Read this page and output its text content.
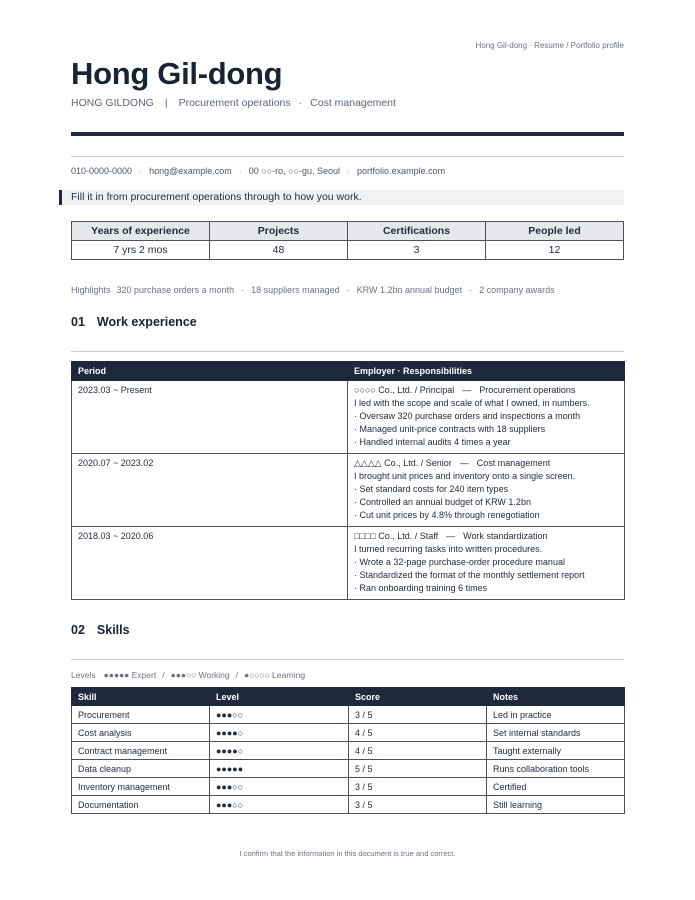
Hong Gil-dong · Resume / Portfolio profile
Hong Gil-dong
HONG GILDONG | Procurement operations · Cost management
010-0000-0000 · hong@example.com · 00 ○○-ro, ○○-gu, Seoul · portfolio.example.com
Fill it in from procurement operations through to how you work.
Years of experience	Projects	Certifications	People led
7 yrs 2 mos	48	3	12
Highlights 320 purchase orders a month · 18 suppliers managed · KRW 1.2bn annual budget · 2 company awards
01 Work experience
Period	Employer · Responsibilities
2023.03 ~ Present	○○○○ Co., Ltd. / Principal — Procurement operations
I led with the scope and scale of what I owned, in numbers.
· Oversaw 320 purchase orders and inspections a month
· Managed unit-price contracts with 18 suppliers
· Handled internal audits 4 times a year

2020.07 ~ 2023.02	△△△△ Co., Ltd. / Senior — Cost management
I brought unit prices and inventory onto a single screen.
· Set standard costs for 240 item types
· Controlled an annual budget of KRW 1.2bn
· Cut unit prices by 4.8% through renegotiation

2018.03 ~ 2020.06	□□□□ Co., Ltd. / Staff — Work standardization
I turned recurring tasks into written procedures.
· Wrote a 32-page purchase-order procedure manual
· Standardized the format of the monthly settlement report
· Ran onboarding training 6 times
02 Skills
Levels ●●●●● Expert / ●●●○○ Working / ●○○○○ Learning
Skill	Level	Score	Notes
Procurement	●●●○○	3 / 5	Led in practice
Cost analysis	●●●●○	4 / 5	Set internal standards
Contract management	●●●●○	4 / 5	Taught externally
Data cleanup	●●●●●	5 / 5	Runs collaboration tools
Inventory management	●●●○○	3 / 5	Certified
Documentation	●●●○○	3 / 5	Still learning
I confirm that the information in this document is true and correct.
